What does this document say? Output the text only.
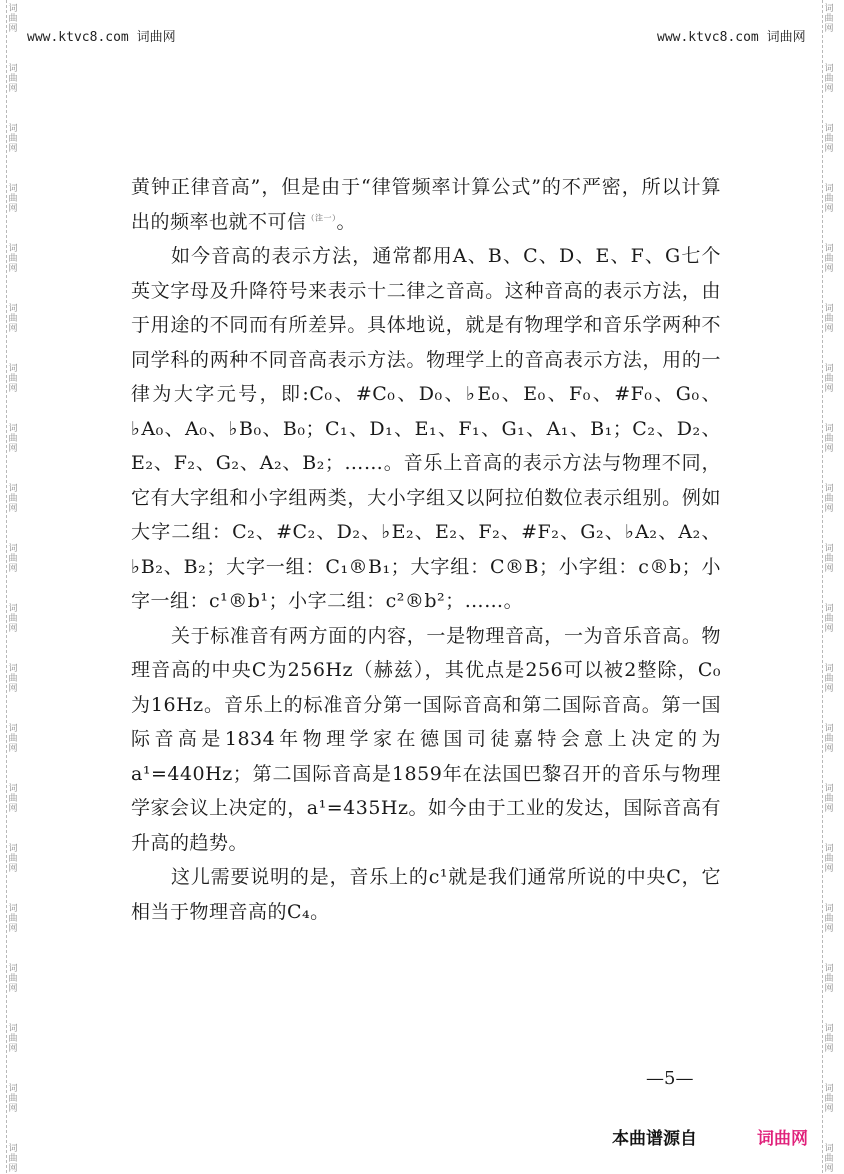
www.ktvc8.com 词曲网	www.ktvc8.com 词曲网

黄钟正律音高”，但是由于“律管频率计算公式”的不严密，所以计算出的频率也就不可信$^{(注一)}$。

如今音高的表示方法，通常都用A、B、C、D、E、F、G七个英文字母及升降符号来表示十二律之音高。这种音高的表示方法，由于用途的不同而有所差异。具体地说，就是有物理学和音乐学两种不同学科的两种不同音高表示方法。物理学上的音高表示方法，用的一律为大字元号，即:C₀、#C₀、D₀、♭E₀、E₀、F₀、#F₀、G₀、♭A₀、A₀、♭B₀、B₀；C₁、D₁、E₁、F₁、G₁、A₁、B₁；C₂、D₂、E₂、F₂、G₂、A₂、B₂；……。音乐上音高的表示方法与物理不同，它有大字组和小字组两类，大小字组又以阿拉伯数位表示组别。例如大字二组：C₂、#C₂、D₂、♭E₂、E₂、F₂、#F₂、G₂、♭A₂、A₂、♭B₂、B₂；大字一组：C₁®B₁；大字组：C®B；小字组：c®b；小字一组：c¹®b¹；小字二组：c²®b²；……。

关于标准音有两方面的内容，一是物理音高，一为音乐音高。物理音高的中央C为256Hz（赫兹），其优点是256可以被2整除，C₀为16Hz。音乐上的标准音分第一国际音高和第二国际音高。第一国际音高是1834年物理学家在德国司徒嘉特会意上决定的为a¹=440Hz；第二国际音高是1859年在法国巴黎召开的音乐与物理学家会议上决定的，a¹=435Hz。如今由于工业的发达，国际音高有升高的趋势。

这儿需要说明的是，音乐上的c¹就是我们通常所说的中央C，它相当于物理音高的C₄。

—5—
本曲谱源自	词曲网
词
曲
网
词
曲
网
词
曲
网
词
曲
网
词
曲
网
词
曲
网
词
曲
网
词
曲
网
词
曲
网
词
曲
网
词
曲
网
词
曲
网
词
曲
网
词
曲
网
词
曲
网
词
曲
网
词
曲
网
词
曲
网
词
曲
网
词
曲
网
词
曲
网
词
曲
网
词
曲
网
词
曲
网
词
曲
网
词
曲
网
词
曲
网
词
曲
网
词
曲
网
词
曲
网
词
曲
网
词
曲
网
词
曲
网
词
曲
网
词
曲
网
词
曲
网
词
曲
网
词
曲
网
词
曲
网
词
曲
网
